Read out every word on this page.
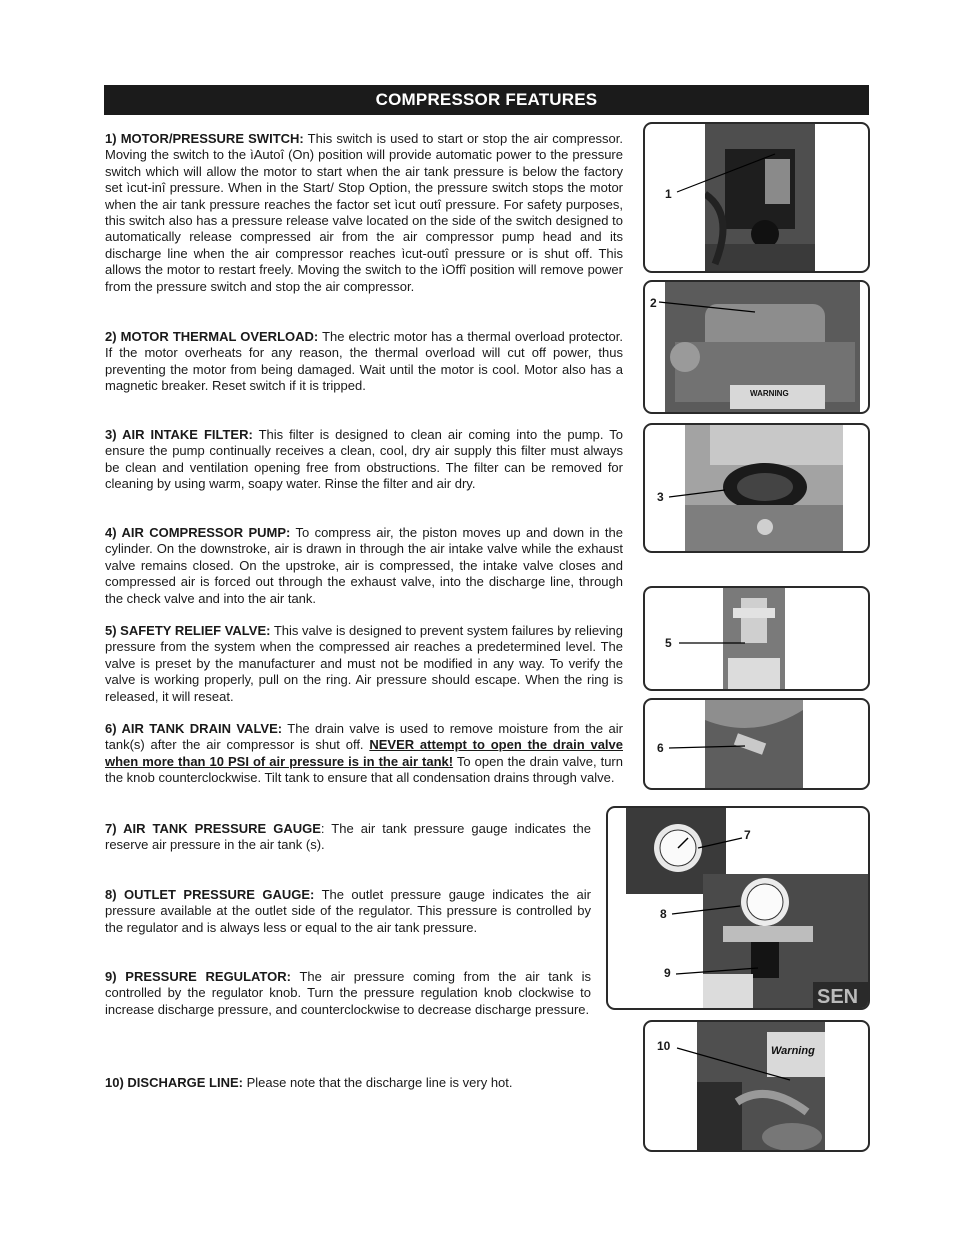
COMPRESSOR FEATURES
1) MOTOR/PRESSURE SWITCH: This switch is used to start or stop the air compressor. Moving the switch to the ìAutoî (On) position will provide automatic power to the pressure switch which will allow the motor to start when the air tank pressure is below the factory set ìcut-inî pressure. When in the Start/ Stop Option, the pressure switch stops the motor when the air tank pressure reaches the factor set ìcut outî pressure. For safety purposes, this switch also has a pressure release valve located on the side of the switch designed to automatically release compressed air from the air compressor pump head and its discharge line when the air compressor reaches ìcut-outî pressure or is shut off. This allows the motor to restart freely. Moving the switch to the ìOffî position will remove power from the pressure switch and stop the air compressor.
2) MOTOR THERMAL OVERLOAD: The electric motor has a thermal overload protector. If the motor overheats for any reason, the thermal overload will cut off power, thus preventing the motor from being damaged. Wait until the motor is cool. Motor also has a magnetic breaker. Reset switch if it is tripped.
3) AIR INTAKE FILTER: This filter is designed to clean air coming into the pump. To ensure the pump continually receives a clean, cool, dry air supply this filter must always be clean and ventilation opening free from obstructions. The filter can be removed for cleaning by using warm, soapy water. Rinse the filter and air dry.
4) AIR COMPRESSOR PUMP: To compress air, the piston moves up and down in the cylinder. On the downstroke, air is drawn in through the air intake valve while the exhaust valve remains closed. On the upstroke, air is compressed, the intake valve closes and compressed air is forced out through the exhaust valve, into the discharge line, through the check valve and into the air tank.
5) SAFETY RELIEF VALVE: This valve is designed to prevent system failures by relieving pressure from the system when the compressed air reaches a predetermined level. The valve is preset by the manufacturer and must not be modified in any way. To verify the valve is working properly, pull on the ring. Air pressure should escape. When the ring is released, it will reseat.
6) AIR TANK DRAIN VALVE: The drain valve is used to remove moisture from the air tank(s) after the air compressor is shut off. NEVER attempt to open the drain valve when more than 10 PSI of air pressure is in the air tank! To open the drain valve, turn the knob counterclockwise. Tilt tank to ensure that all condensation drains through valve.
7) AIR TANK PRESSURE GAUGE: The air tank pressure gauge indicates the reserve air pressure in the air tank (s).
8) OUTLET PRESSURE GAUGE: The outlet pressure gauge indicates the air pressure available at the outlet side of the regulator. This pressure is controlled by the regulator and is always less or equal to the air tank pressure.
9) PRESSURE REGULATOR: The air pressure coming from the air tank is controlled by the regulator knob. Turn the pressure regulation knob clockwise to increase discharge pressure, and counterclockwise to decrease discharge pressure.
10) DISCHARGE LINE: Please note that the discharge line is very hot.
1
WARNING
2
3
5
6
SEN
7
8
9
Warning
10
